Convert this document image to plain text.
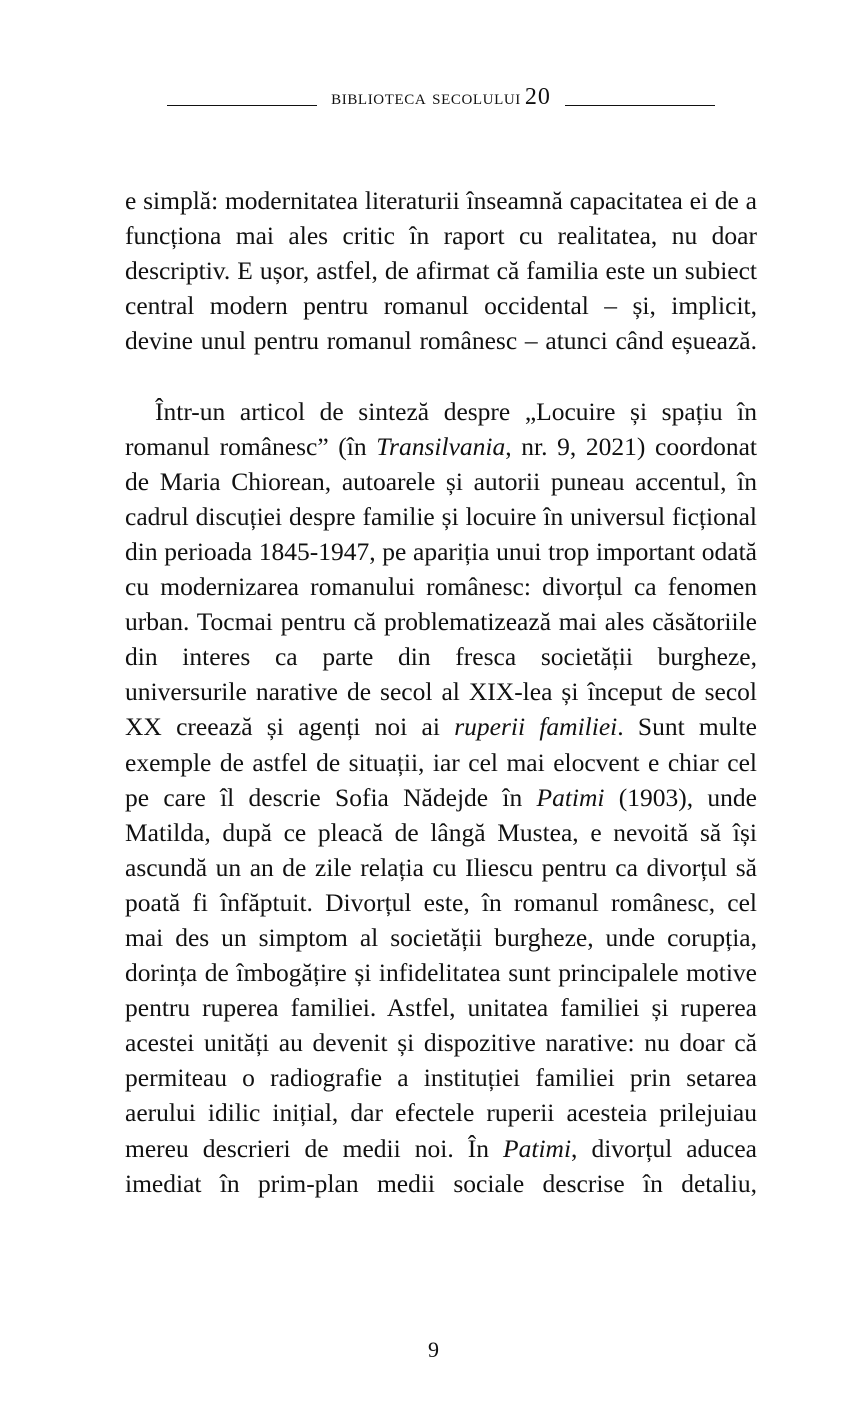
biblioteca secolului 20

e simplă: modernitatea literaturii înseamnă capacitatea ei de a funcționa mai ales critic în raport cu realitatea, nu doar descriptiv. E ușor, astfel, de afirmat că familia este un subiect central modern pentru romanul occidental – și, implicit, devine unul pentru romanul românesc – atunci când eșuează.

Într-un articol de sinteză despre „Locuire și spațiu în romanul românesc” (în Transilvania, nr. 9, 2021) coordonat de Maria Chiorean, autoarele și autorii puneau accentul, în cadrul discuției despre familie și locuire în universul ficțional din perioada 1845-1947, pe apariția unui trop important odată cu modernizarea romanului românesc: divorțul ca fenomen urban. Tocmai pentru că problematizează mai ales căsătoriile din interes ca parte din fresca societății burgheze, universurile narative de secol al XIX-lea și început de secol XX creează și agenți noi ai ruperii familiei. Sunt multe exemple de astfel de situații, iar cel mai elocvent e chiar cel pe care îl descrie Sofia Nădejde în Patimi (1903), unde Matilda, după ce pleacă de lângă Mustea, e nevoită să își ascundă un an de zile relația cu Iliescu pentru ca divorțul să poată fi înfăptuit. Divorțul este, în romanul românesc, cel mai des un simptom al societății burgheze, unde corupția, dorința de îmbogățire și infidelitatea sunt principalele motive pentru ruperea familiei. Astfel, unitatea familiei și ruperea acestei unități au devenit și dispozitive narative: nu doar că permiteau o radiografie a instituției familiei prin setarea aerului idilic inițial, dar efectele ruperii acesteia prilejuiau mereu descrieri de medii noi. În Patimi, divorțul aducea imediat în prim-plan medii sociale descrise în detaliu,

9
